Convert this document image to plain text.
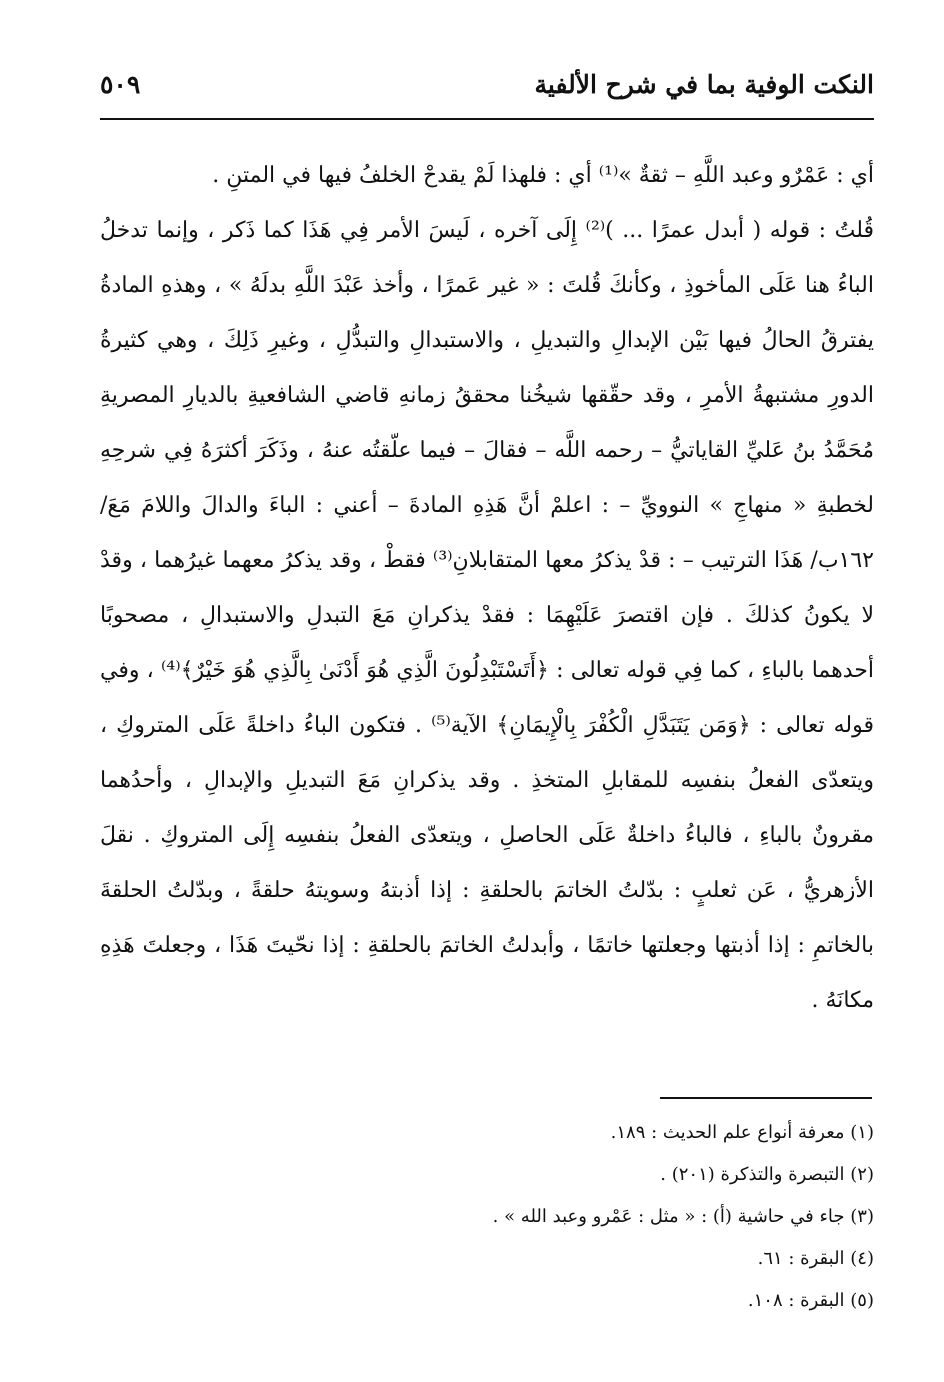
النكت الوفية بما في شرح الألفية
٥٠٩

أي : عَمْرٌو وعبد اللَّهِ – ثقةٌ »⁽¹⁾ أي : فلهذا لَمْ يقدحْ الخلفُ فيها في المتنِ .

قُلتُ : قوله ( أبدل عمرًا ... )⁽²⁾ إِلَى آخره ، لَيسَ الأمر فِي هَذَا كما ذَكر ، وإنما تدخلُ الباءُ هنا عَلَى المأخوذِ ، وكأنكَ قُلتَ : « غير عَمرًا ، وأخذ عَبْدَ اللَّهِ بدلَهُ » ، وهذهِ المادةُ يفترقُ الحالُ فيها بَيْن الإبدالِ والتبديلِ ، والاستبدالِ والتبدُّلِ ، وغيرِ ذَلِكَ ، وهي كثيرةُ الدورِ مشتبهةُ الأمرِ ، وقد حقّقها شيخُنا محققُ زمانهِ قاضي الشافعيةِ بالديارِ المصريةِ مُحَمَّدُ بنُ عَليِّ القاياتيُّ – رحمه اللَّه – فقالَ – فيما علّقتُه عنهُ ، وذَكَرَ أكثرَهُ فِي شرحِهِ لخطبةِ « منهاجِ » النوويِّ – : اعلمْ أنَّ هَذِهِ المادةَ – أعني : الباءَ والدالَ واللامَ مَعَ/١٦٢ب/ هَذَا الترتيب – : قدْ يذكرُ معها المتقابلانِ⁽³⁾ فقطْ ، وقد يذكرُ معهما غيرُهما ، وقدْ لا يكونُ كذلكَ . فإن اقتصرَ عَلَيْهِمَا : فقدْ يذكرانِ مَعَ التبدلِ والاستبدالِ ، مصحوبًا أحدهما بالباءِ ، كما فِي قوله تعالى : ﴿أَتَسْتَبْدِلُونَ الَّذِي هُوَ أَدْنَىٰ بِالَّذِي هُوَ خَيْرٌ﴾⁽⁴⁾ ، وفي قوله تعالى : ﴿وَمَن يَتَبَدَّلِ الْكُفْرَ بِالْإِيمَانِ﴾ الآية⁽⁵⁾ . فتكون الباءُ داخلةً عَلَى المتروكِ ، ويتعدّى الفعلُ بنفسِه للمقابلِ المتخذِ . وقد يذكرانِ مَعَ التبديلِ والإبدالِ ، وأحدُهما مقرونٌ بالباءِ ، فالباءُ داخلةٌ عَلَى الحاصلِ ، ويتعدّى الفعلُ بنفسِه إِلَى المتروكِ . نقلَ الأزهريُّ ، عَن ثعلبٍ : بدّلتُ الخاتمَ بالحلقةِ : إذا أذبتهُ وسويتهُ حلقةً ، وبدّلتُ الحلقةَ بالخاتمِ : إذا أذبتها وجعلتها خاتمًا ، وأبدلتُ الخاتمَ بالحلقةِ : إذا نحّيتَ هَذَا ، وجعلتَ هَذِهِ مكانَهُ .

(١) معرفة أنواع علم الحديث : ١٨٩.
(٢) التبصرة والتذكرة (٢٠١) .
(٣) جاء في حاشية (أ) : « مثل : عَمْرو وعبد الله » .
(٤) البقرة : ٦١.
(٥) البقرة : ١٠٨.
